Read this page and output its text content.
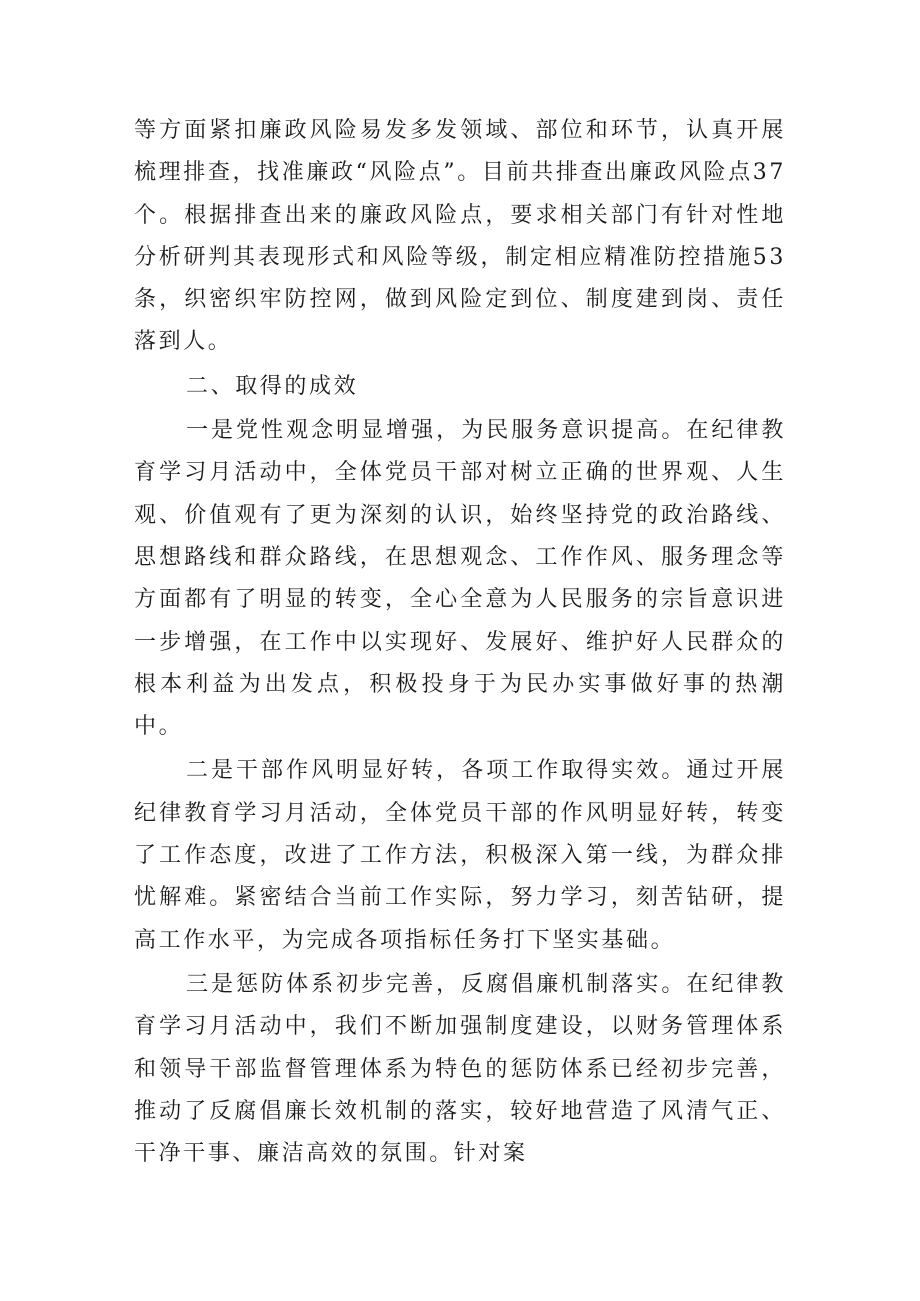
等方面紧扣廉政风险易发多发领域、部位和环节，认真开展梳理排查，找准廉政“风险点”。目前共排查出廉政风险点37个。根据排查出来的廉政风险点，要求相关部门有针对性地分析研判其表现形式和风险等级，制定相应精准防控措施53条，织密织牢防控网，做到风险定到位、制度建到岗、责任落到人。

二、取得的成效

一是党性观念明显增强，为民服务意识提高。在纪律教育学习月活动中，全体党员干部对树立正确的世界观、人生观、价值观有了更为深刻的认识，始终坚持党的政治路线、思想路线和群众路线，在思想观念、工作作风、服务理念等方面都有了明显的转变，全心全意为人民服务的宗旨意识进一步增强，在工作中以实现好、发展好、维护好人民群众的根本利益为出发点，积极投身于为民办实事做好事的热潮中。

二是干部作风明显好转，各项工作取得实效。通过开展纪律教育学习月活动，全体党员干部的作风明显好转，转变了工作态度，改进了工作方法，积极深入第一线，为群众排忧解难。紧密结合当前工作实际，努力学习，刻苦钻研，提高工作水平，为完成各项指标任务打下坚实基础。

三是惩防体系初步完善，反腐倡廉机制落实。在纪律教育学习月活动中，我们不断加强制度建设，以财务管理体系和领导干部监督管理体系为特色的惩防体系已经初步完善，推动了反腐倡廉长效机制的落实，较好地营造了风清气正、干净干事、廉洁高效的氛围。针对案
